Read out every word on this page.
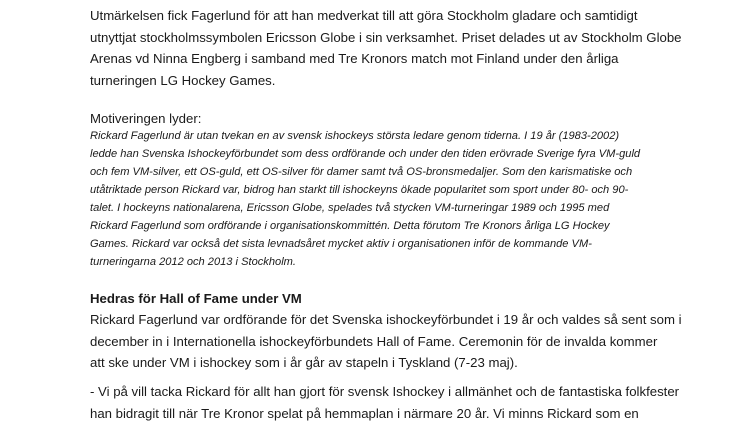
Utmärkelsen fick Fagerlund för att han medverkat till att göra Stockholm gladare och samtidigt
utnyttjat stockholmssymbolen Ericsson Globe i sin verksamhet. Priset delades ut av Stockholm Globe
Arenas vd Ninna Engberg i samband med Tre Kronors match mot Finland under den årliga
turneringen LG Hockey Games.
Motiveringen lyder:
Rickard Fagerlund är utan tvekan en av svensk ishockeys största ledare genom tiderna. I 19 år (1983-2002)
ledde han Svenska Ishockeyförbundet som dess ordförande och under den tiden erövrade Sverige fyra VM-guld
och fem VM-silver, ett OS-guld, ett OS-silver för damer samt två OS-bronsmedaljer. Som den karismatiske och
utåtriktade person Rickard var, bidrog han starkt till ishockeyns ökade popularitet som sport under 80- och 90-
talet. I hockeyns nationalarena, Ericsson Globe, spelades två stycken VM-turneringar 1989 och 1995 med
Rickard Fagerlund som ordförande i organisationskommittén. Detta förutom Tre Kronors årliga LG Hockey
Games. Rickard var också det sista levnadsåret mycket aktiv i organisationen inför de kommande VM-
turneringarna 2012 och 2013 i Stockholm.
Hedras för Hall of Fame under VM
Rickard Fagerlund var ordförande för det Svenska ishockeyförbundet i 19 år och valdes så sent som i
december in i Internationella ishockeyförbundets Hall of Fame. Ceremonin för de invalda kommer
att ske under VM i ishockey som i år går av stapeln i Tyskland (7-23 maj).
- Vi på vill tacka Rickard för allt han gjort för svensk Ishockey i allmänhet och de fantastiska folkfester
han bidragit till när Tre Kronor spelat på hemmaplan i närmare 20 år. Vi minns Rickard som en
